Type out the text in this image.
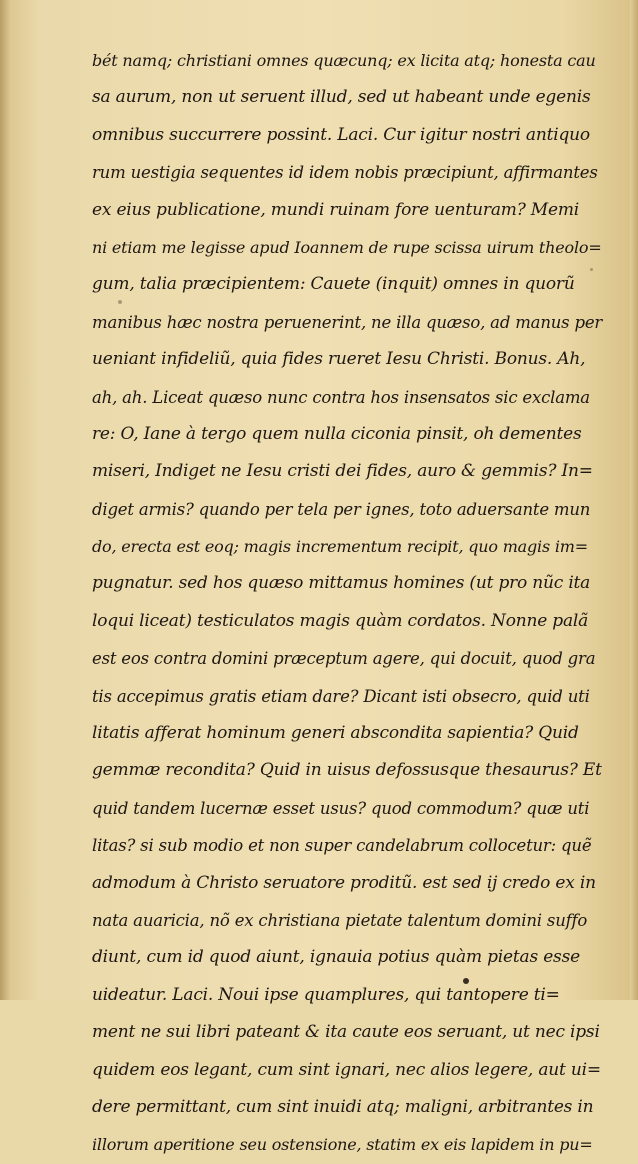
bét namq; christiani omnes quæcunq; ex licita atq; honesta cau
sa aurum, non ut seruent illud, sed ut habeant unde egenis
omnibus succurrere possint. Laci. Cur igitur nostri antiquo
rum uestigia sequentes id idem nobis præcipiunt, affirmantes
ex eius publicatione, mundi ruinam fore uenturam? Memi
ni etiam me legisse apud Ioannem de rupe scissa uirum theolo=
gum, talia præcipientem: Cauete (inquit) omnes in quorũ
manibus hæc nostra peruenerint, ne illa quæso, ad manus per
ueniant infideliũ, quia fides rueret Iesu Christi. Bonus. Ah,
ah, ah. Liceat quæso nunc contra hos insensatos sic exclama
re: O, Iane à tergo quem nulla ciconia pinsit, oh dementes
miseri, Indiget ne Iesu cristi dei fides, auro & gemmis? In=
diget armis? quando per tela per ignes, toto aduersante mun
do, erecta est eoq; magis incrementum recipit, quo magis im=
pugnatur. sed hos quæso mittamus homines (ut pro nũc ita
loqui liceat) testiculatos magis quàm cordatos. Nonne palã
est eos contra domini præceptum agere, qui docuit, quod gra
tis accepimus gratis etiam dare? Dicant isti obsecro, quid uti
litatis afferat hominum generi abscondita sapientia? Quid
gemmæ recondita? Quid in uisus defossusque thesaurus? Et
quid tandem lucernæ esset usus? quod commodum? quæ uti
litas? si sub modio et non super candelabrum collocetur: quẽ
admodum à Christo seruatore proditũ. est sed ij credo ex in
nata auaricia, nõ ex christiana pietate talentum domini suffo
diunt, cum id quod aiunt, ignauia potius quàm pietas esse
uideatur. Laci. Noui ipse quamplures, qui tantopere ti=
ment ne sui libri pateant & ita caute eos seruant, ut nec ipsi
quidem eos legant, cum sint ignari, nec alios legere, aut ui=
dere permittant, cum sint inuidi atq; maligni, arbitrantes in
illorum aperitione seu ostensione, statim ex eis lapidem in pu=
